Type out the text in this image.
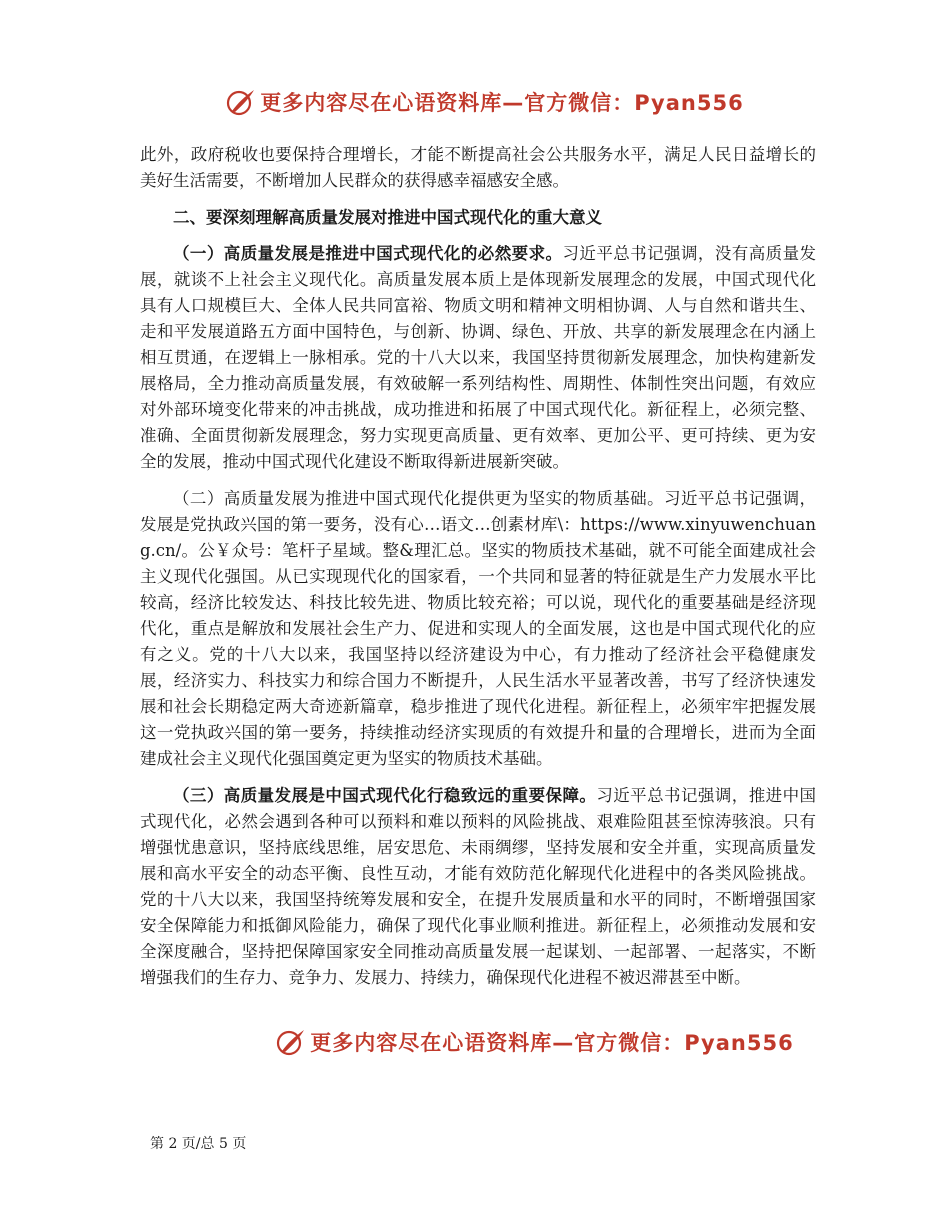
更多内容尽在心语资料库—官方微信：Pyan556

此外，政府税收也要保持合理增长，才能不断提高社会公共服务水平，满足人民日益增长的美好生活需要，不断增加人民群众的获得感幸福感安全感。

二、要深刻理解高质量发展对推进中国式现代化的重大意义

（一）高质量发展是推进中国式现代化的必然要求。习近平总书记强调，没有高质量发展，就谈不上社会主义现代化。高质量发展本质上是体现新发展理念的发展，中国式现代化具有人口规模巨大、全体人民共同富裕、物质文明和精神文明相协调、人与自然和谐共生、走和平发展道路五方面中国特色，与创新、协调、绿色、开放、共享的新发展理念在内涵上相互贯通，在逻辑上一脉相承。党的十八大以来，我国坚持贯彻新发展理念，加快构建新发展格局，全力推动高质量发展，有效破解一系列结构性、周期性、体制性突出问题，有效应对外部环境变化带来的冲击挑战，成功推进和拓展了中国式现代化。新征程上，必须完整、准确、全面贯彻新发展理念，努力实现更高质量、更有效率、更加公平、更可持续、更为安全的发展，推动中国式现代化建设不断取得新进展新突破。

（二）高质量发展为推进中国式现代化提供更为坚实的物质基础。习近平总书记强调，发展是党执政兴国的第一要务，没有心…语文…创素材库\：https://www.xinyuwenchuang.cn/。公￥众号：笔杆子星域。整&理汇总。坚实的物质技术基础，就不可能全面建成社会主义现代化强国。从已实现现代化的国家看，一个共同和显著的特征就是生产力发展水平比较高，经济比较发达、科技比较先进、物质比较充裕；可以说，现代化的重要基础是经济现代化，重点是解放和发展社会生产力、促进和实现人的全面发展，这也是中国式现代化的应有之义。党的十八大以来，我国坚持以经济建设为中心，有力推动了经济社会平稳健康发展，经济实力、科技实力和综合国力不断提升，人民生活水平显著改善，书写了经济快速发展和社会长期稳定两大奇迹新篇章，稳步推进了现代化进程。新征程上，必须牢牢把握发展这一党执政兴国的第一要务，持续推动经济实现质的有效提升和量的合理增长，进而为全面建成社会主义现代化强国奠定更为坚实的物质技术基础。

（三）高质量发展是中国式现代化行稳致远的重要保障。习近平总书记强调，推进中国式现代化，必然会遇到各种可以预料和难以预料的风险挑战、艰难险阻甚至惊涛骇浪。只有增强忧患意识，坚持底线思维，居安思危、未雨绸缪，坚持发展和安全并重，实现高质量发展和高水平安全的动态平衡、良性互动，才能有效防范化解现代化进程中的各类风险挑战。党的十八大以来，我国坚持统筹发展和安全，在提升发展质量和水平的同时，不断增强国家安全保障能力和抵御风险能力，确保了现代化事业顺利推进。新征程上，必须推动发展和安全深度融合，坚持把保障国家安全同推动高质量发展一起谋划、一起部署、一起落实，不断增强我们的生存力、竞争力、发展力、持续力，确保现代化进程不被迟滞甚至中断。

更多内容尽在心语资料库—官方微信：Pyan556
第 2 页/总 5 页
